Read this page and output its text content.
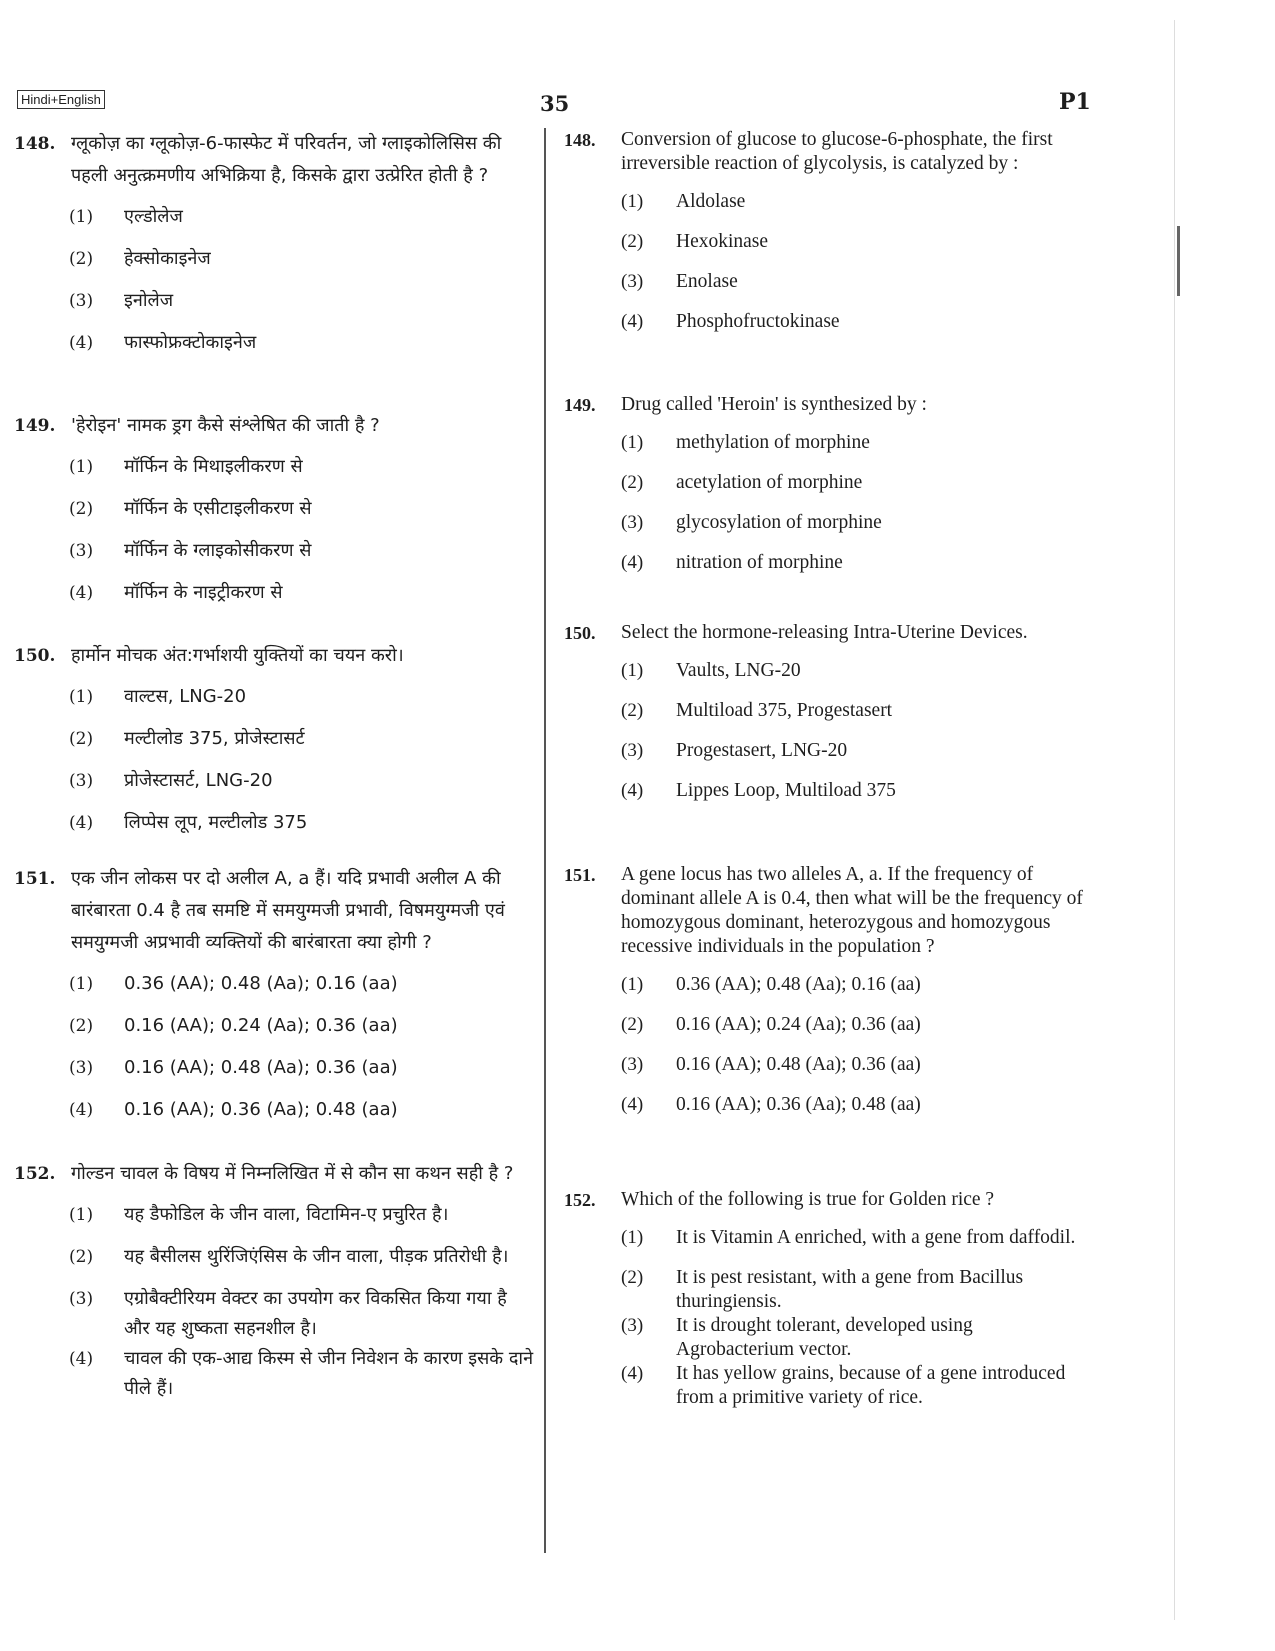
Hindi+English	35	P1
148. ग्लूकोज़ का ग्लूकोज़-6-फास्फेट में परिवर्तन, जो ग्लाइकोलिसिस की पहली अनुत्क्रमणीय अभिक्रिया है, किसके द्वारा उत्प्रेरित होती है ?
(1)	एल्डोलेज
(2)	हेक्सोकाइनेज
(3)	इनोलेज
(4)	फास्फोफ्रक्टोकाइनेज
149. 'हेरोइन' नामक ड्रग कैसे संश्लेषित की जाती है ?
(1)	मॉर्फिन के मिथाइलीकरण से
(2)	मॉर्फिन के एसीटाइलीकरण से
(3)	मॉर्फिन के ग्लाइकोसीकरण से
(4)	मॉर्फिन के नाइट्रीकरण से
150. हार्मोन मोचक अंत:गर्भाशयी युक्तियों का चयन करो।
(1)	वाल्टस, LNG-20
(2)	मल्टीलोड 375, प्रोजेस्टासर्ट
(3)	प्रोजेस्टासर्ट, LNG-20
(4)	लिप्पेस लूप, मल्टीलोड 375
151. एक जीन लोकस पर दो अलील A, a हैं। यदि प्रभावी अलील A की बारंबारता 0.4 है तब समष्टि में समयुग्मजी प्रभावी, विषमयुग्मजी एवं समयुग्मजी अप्रभावी व्यक्तियों की बारंबारता क्या होगी ?
(1)	0.36 (AA); 0.48 (Aa); 0.16 (aa)
(2)	0.16 (AA); 0.24 (Aa); 0.36 (aa)
(3)	0.16 (AA); 0.48 (Aa); 0.36 (aa)
(4)	0.16 (AA); 0.36 (Aa); 0.48 (aa)
152. गोल्डन चावल के विषय में निम्नलिखित में से कौन सा कथन सही है ?
(1)	यह डैफोडिल के जीन वाला, विटामिन-ए प्रचुरित है।
(2)	यह बैसीलस थुरिंजिएंसिस के जीन वाला, पीड़क प्रतिरोधी है।
(3)	एग्रोबैक्टीरियम वेक्टर का उपयोग कर विकसित किया गया है और यह शुष्कता सहनशील है।
(4)	चावल की एक-आद्य किस्म से जीन निवेशन के कारण इसके दाने पीले हैं।
148.	Conversion of glucose to glucose-6-phosphate, the first irreversible reaction of glycolysis, is catalyzed by :
(1)	Aldolase
(2)	Hexokinase
(3)	Enolase
(4)	Phosphofructokinase
149.	Drug called 'Heroin' is synthesized by :
(1)	methylation of morphine
(2)	acetylation of morphine
(3)	glycosylation of morphine
(4)	nitration of morphine
150.	Select the hormone-releasing Intra-Uterine Devices.
(1)	Vaults, LNG-20
(2)	Multiload 375, Progestasert
(3)	Progestasert, LNG-20
(4)	Lippes Loop, Multiload 375
151.	A gene locus has two alleles A, a. If the frequency of dominant allele A is 0.4, then what will be the frequency of homozygous dominant, heterozygous and homozygous recessive individuals in the population ?
(1)	0.36 (AA); 0.48 (Aa); 0.16 (aa)
(2)	0.16 (AA); 0.24 (Aa); 0.36 (aa)
(3)	0.16 (AA); 0.48 (Aa); 0.36 (aa)
(4)	0.16 (AA); 0.36 (Aa); 0.48 (aa)
152.	Which of the following is true for Golden rice ?
(1)	It is Vitamin A enriched, with a gene from daffodil.
(2)	It is pest resistant, with a gene from Bacillus thuringiensis.
(3)	It is drought tolerant, developed using Agrobacterium vector.
(4)	It has yellow grains, because of a gene introduced from a primitive variety of rice.
